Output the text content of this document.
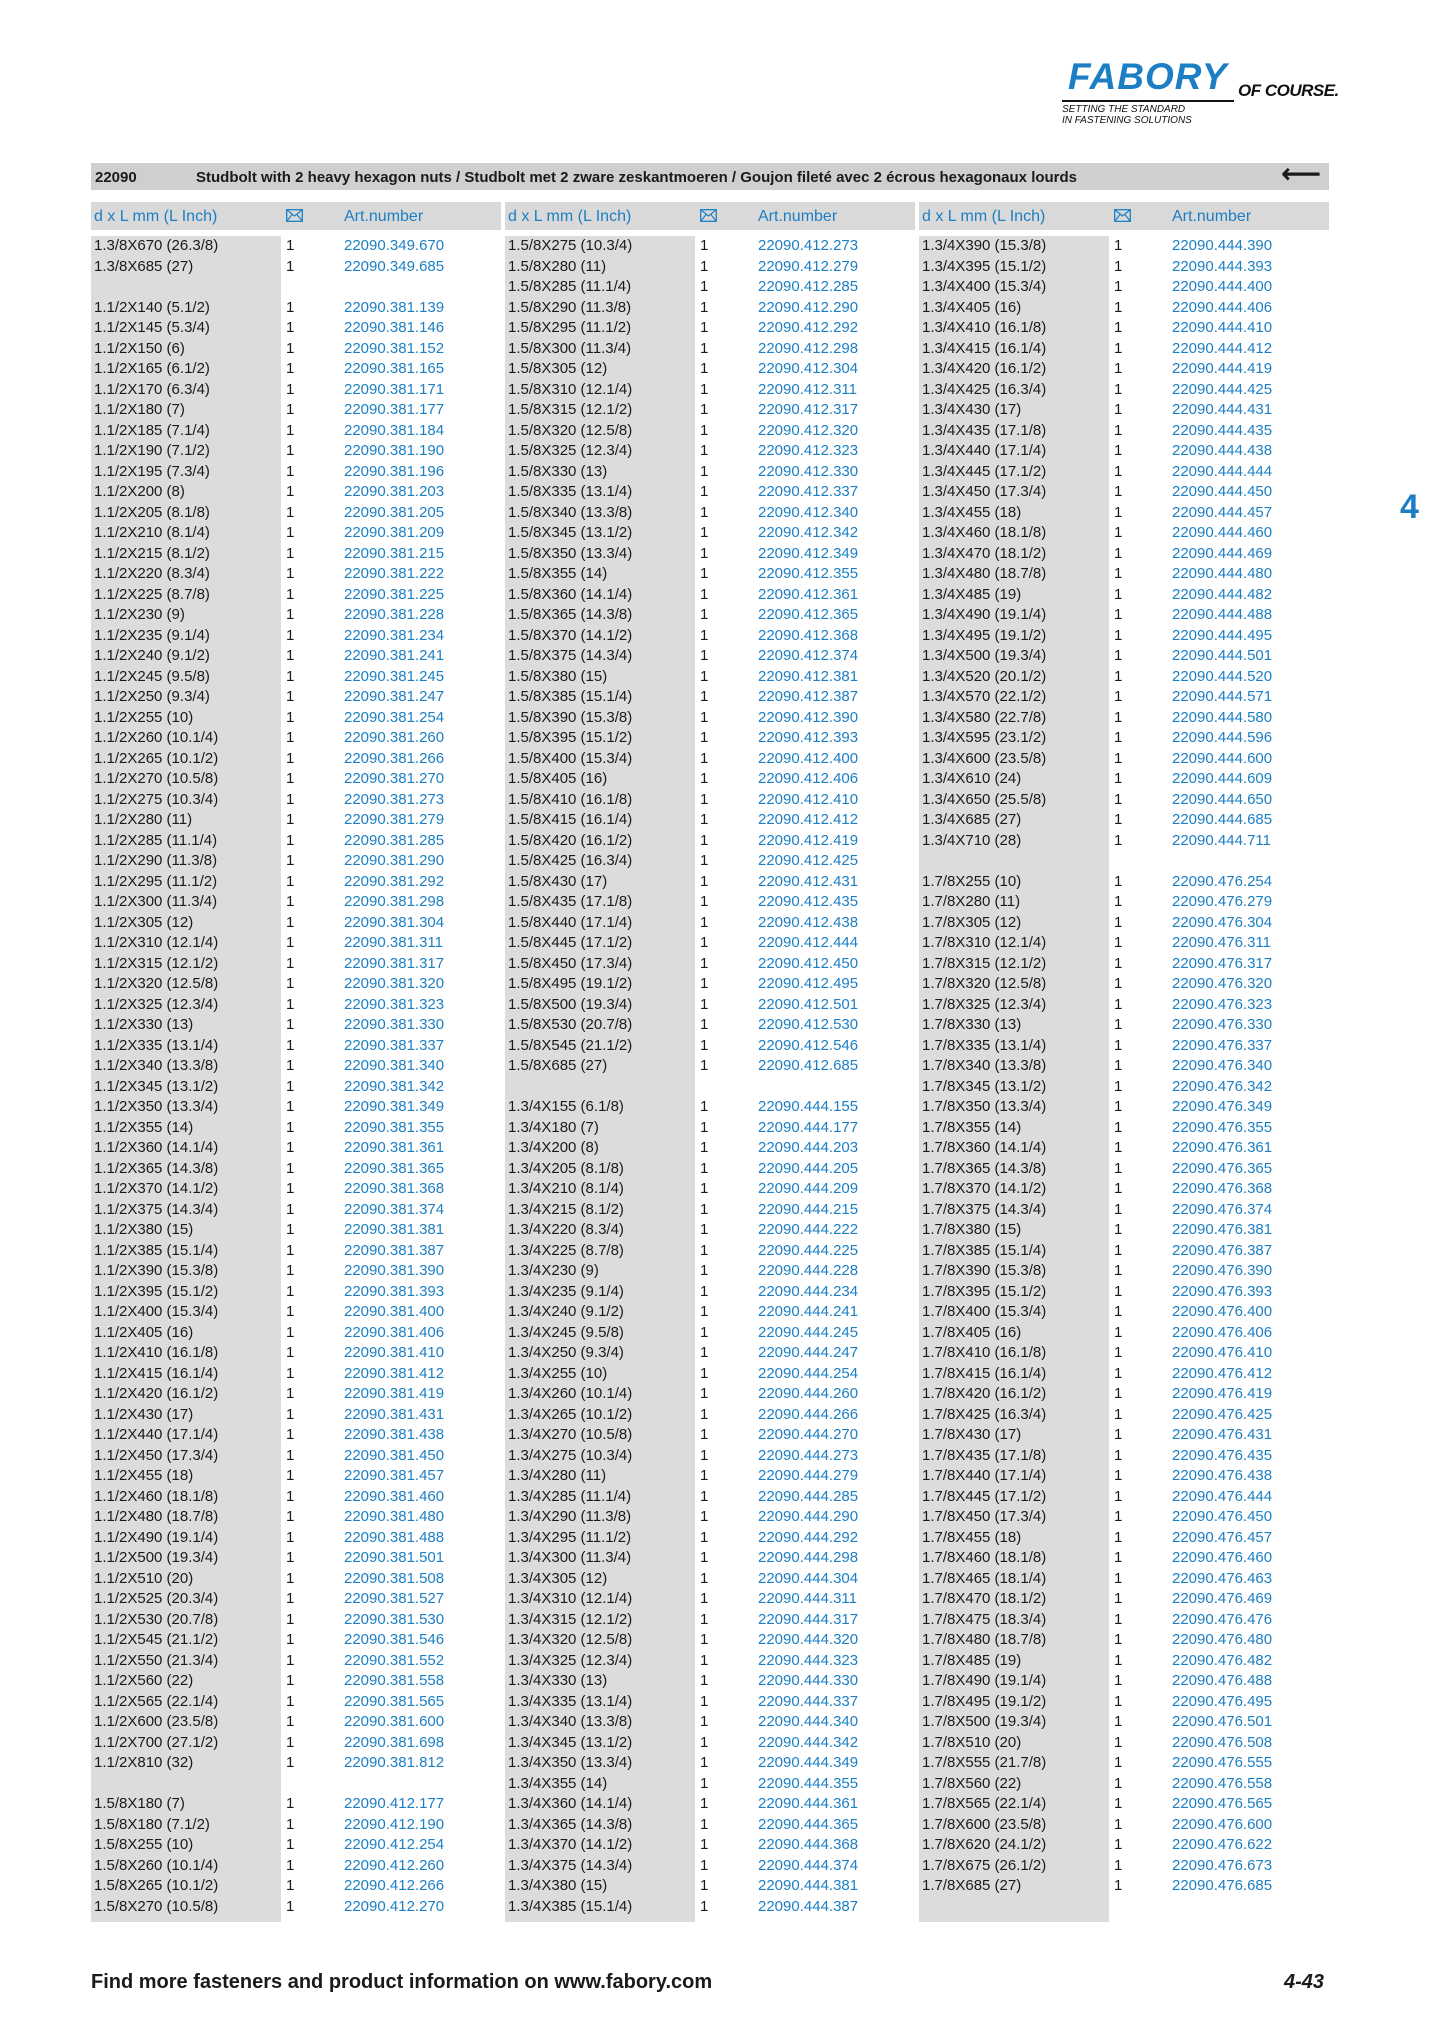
FABORY OF COURSE.
SETTING THE STANDARD
IN FASTENING SOLUTIONS
4
22090	Studbolt with 2 heavy hexagon nuts / Studbolt met 2 zware zeskantmoeren / Goujon fileté avec 2 écrous hexagonaux lourds	⟵
d x L mm (L Inch)	Art.number	d x L mm (L Inch)	Art.number	d x L mm (L Inch)	Art.number
1.3/8X670 (26.3/8)	1	22090.349.670
1.3/8X685 (27)	1	22090.349.685
1.1/2X140 (5.1/2)	1	22090.381.139
1.1/2X145 (5.3/4)	1	22090.381.146
1.1/2X150 (6)	1	22090.381.152
1.1/2X165 (6.1/2)	1	22090.381.165
1.1/2X170 (6.3/4)	1	22090.381.171
1.1/2X180 (7)	1	22090.381.177
1.1/2X185 (7.1/4)	1	22090.381.184
1.1/2X190 (7.1/2)	1	22090.381.190
1.1/2X195 (7.3/4)	1	22090.381.196
1.1/2X200 (8)	1	22090.381.203
1.1/2X205 (8.1/8)	1	22090.381.205
1.1/2X210 (8.1/4)	1	22090.381.209
1.1/2X215 (8.1/2)	1	22090.381.215
1.1/2X220 (8.3/4)	1	22090.381.222
1.1/2X225 (8.7/8)	1	22090.381.225
1.1/2X230 (9)	1	22090.381.228
1.1/2X235 (9.1/4)	1	22090.381.234
1.1/2X240 (9.1/2)	1	22090.381.241
1.1/2X245 (9.5/8)	1	22090.381.245
1.1/2X250 (9.3/4)	1	22090.381.247
1.1/2X255 (10)	1	22090.381.254
1.1/2X260 (10.1/4)	1	22090.381.260
1.1/2X265 (10.1/2)	1	22090.381.266
1.1/2X270 (10.5/8)	1	22090.381.270
1.1/2X275 (10.3/4)	1	22090.381.273
1.1/2X280 (11)	1	22090.381.279
1.1/2X285 (11.1/4)	1	22090.381.285
1.1/2X290 (11.3/8)	1	22090.381.290
1.1/2X295 (11.1/2)	1	22090.381.292
1.1/2X300 (11.3/4)	1	22090.381.298
1.1/2X305 (12)	1	22090.381.304
1.1/2X310 (12.1/4)	1	22090.381.311
1.1/2X315 (12.1/2)	1	22090.381.317
1.1/2X320 (12.5/8)	1	22090.381.320
1.1/2X325 (12.3/4)	1	22090.381.323
1.1/2X330 (13)	1	22090.381.330
1.1/2X335 (13.1/4)	1	22090.381.337
1.1/2X340 (13.3/8)	1	22090.381.340
1.1/2X345 (13.1/2)	1	22090.381.342
1.1/2X350 (13.3/4)	1	22090.381.349
1.1/2X355 (14)	1	22090.381.355
1.1/2X360 (14.1/4)	1	22090.381.361
1.1/2X365 (14.3/8)	1	22090.381.365
1.1/2X370 (14.1/2)	1	22090.381.368
1.1/2X375 (14.3/4)	1	22090.381.374
1.1/2X380 (15)	1	22090.381.381
1.1/2X385 (15.1/4)	1	22090.381.387
1.1/2X390 (15.3/8)	1	22090.381.390
1.1/2X395 (15.1/2)	1	22090.381.393
1.1/2X400 (15.3/4)	1	22090.381.400
1.1/2X405 (16)	1	22090.381.406
1.1/2X410 (16.1/8)	1	22090.381.410
1.1/2X415 (16.1/4)	1	22090.381.412
1.1/2X420 (16.1/2)	1	22090.381.419
1.1/2X430 (17)	1	22090.381.431
1.1/2X440 (17.1/4)	1	22090.381.438
1.1/2X450 (17.3/4)	1	22090.381.450
1.1/2X455 (18)	1	22090.381.457
1.1/2X460 (18.1/8)	1	22090.381.460
1.1/2X480 (18.7/8)	1	22090.381.480
1.1/2X490 (19.1/4)	1	22090.381.488
1.1/2X500 (19.3/4)	1	22090.381.501
1.1/2X510 (20)	1	22090.381.508
1.1/2X525 (20.3/4)	1	22090.381.527
1.1/2X530 (20.7/8)	1	22090.381.530
1.1/2X545 (21.1/2)	1	22090.381.546
1.1/2X550 (21.3/4)	1	22090.381.552
1.1/2X560 (22)	1	22090.381.558
1.1/2X565 (22.1/4)	1	22090.381.565
1.1/2X600 (23.5/8)	1	22090.381.600
1.1/2X700 (27.1/2)	1	22090.381.698
1.1/2X810 (32)	1	22090.381.812
1.5/8X180 (7)	1	22090.412.177
1.5/8X180 (7.1/2)	1	22090.412.190
1.5/8X255 (10)	1	22090.412.254
1.5/8X260 (10.1/4)	1	22090.412.260
1.5/8X265 (10.1/2)	1	22090.412.266
1.5/8X270 (10.5/8)	1	22090.412.270
1.5/8X275 (10.3/4)	1	22090.412.273
1.5/8X280 (11)	1	22090.412.279
1.5/8X285 (11.1/4)	1	22090.412.285
1.5/8X290 (11.3/8)	1	22090.412.290
1.5/8X295 (11.1/2)	1	22090.412.292
1.5/8X300 (11.3/4)	1	22090.412.298
1.5/8X305 (12)	1	22090.412.304
1.5/8X310 (12.1/4)	1	22090.412.311
1.5/8X315 (12.1/2)	1	22090.412.317
1.5/8X320 (12.5/8)	1	22090.412.320
1.5/8X325 (12.3/4)	1	22090.412.323
1.5/8X330 (13)	1	22090.412.330
1.5/8X335 (13.1/4)	1	22090.412.337
1.5/8X340 (13.3/8)	1	22090.412.340
1.5/8X345 (13.1/2)	1	22090.412.342
1.5/8X350 (13.3/4)	1	22090.412.349
1.5/8X355 (14)	1	22090.412.355
1.5/8X360 (14.1/4)	1	22090.412.361
1.5/8X365 (14.3/8)	1	22090.412.365
1.5/8X370 (14.1/2)	1	22090.412.368
1.5/8X375 (14.3/4)	1	22090.412.374
1.5/8X380 (15)	1	22090.412.381
1.5/8X385 (15.1/4)	1	22090.412.387
1.5/8X390 (15.3/8)	1	22090.412.390
1.5/8X395 (15.1/2)	1	22090.412.393
1.5/8X400 (15.3/4)	1	22090.412.400
1.5/8X405 (16)	1	22090.412.406
1.5/8X410 (16.1/8)	1	22090.412.410
1.5/8X415 (16.1/4)	1	22090.412.412
1.5/8X420 (16.1/2)	1	22090.412.419
1.5/8X425 (16.3/4)	1	22090.412.425
1.5/8X430 (17)	1	22090.412.431
1.5/8X435 (17.1/8)	1	22090.412.435
1.5/8X440 (17.1/4)	1	22090.412.438
1.5/8X445 (17.1/2)	1	22090.412.444
1.5/8X450 (17.3/4)	1	22090.412.450
1.5/8X495 (19.1/2)	1	22090.412.495
1.5/8X500 (19.3/4)	1	22090.412.501
1.5/8X530 (20.7/8)	1	22090.412.530
1.5/8X545 (21.1/2)	1	22090.412.546
1.5/8X685 (27)	1	22090.412.685
1.3/4X155 (6.1/8)	1	22090.444.155
1.3/4X180 (7)	1	22090.444.177
1.3/4X200 (8)	1	22090.444.203
1.3/4X205 (8.1/8)	1	22090.444.205
1.3/4X210 (8.1/4)	1	22090.444.209
1.3/4X215 (8.1/2)	1	22090.444.215
1.3/4X220 (8.3/4)	1	22090.444.222
1.3/4X225 (8.7/8)	1	22090.444.225
1.3/4X230 (9)	1	22090.444.228
1.3/4X235 (9.1/4)	1	22090.444.234
1.3/4X240 (9.1/2)	1	22090.444.241
1.3/4X245 (9.5/8)	1	22090.444.245
1.3/4X250 (9.3/4)	1	22090.444.247
1.3/4X255 (10)	1	22090.444.254
1.3/4X260 (10.1/4)	1	22090.444.260
1.3/4X265 (10.1/2)	1	22090.444.266
1.3/4X270 (10.5/8)	1	22090.444.270
1.3/4X275 (10.3/4)	1	22090.444.273
1.3/4X280 (11)	1	22090.444.279
1.3/4X285 (11.1/4)	1	22090.444.285
1.3/4X290 (11.3/8)	1	22090.444.290
1.3/4X295 (11.1/2)	1	22090.444.292
1.3/4X300 (11.3/4)	1	22090.444.298
1.3/4X305 (12)	1	22090.444.304
1.3/4X310 (12.1/4)	1	22090.444.311
1.3/4X315 (12.1/2)	1	22090.444.317
1.3/4X320 (12.5/8)	1	22090.444.320
1.3/4X325 (12.3/4)	1	22090.444.323
1.3/4X330 (13)	1	22090.444.330
1.3/4X335 (13.1/4)	1	22090.444.337
1.3/4X340 (13.3/8)	1	22090.444.340
1.3/4X345 (13.1/2)	1	22090.444.342
1.3/4X350 (13.3/4)	1	22090.444.349
1.3/4X355 (14)	1	22090.444.355
1.3/4X360 (14.1/4)	1	22090.444.361
1.3/4X365 (14.3/8)	1	22090.444.365
1.3/4X370 (14.1/2)	1	22090.444.368
1.3/4X375 (14.3/4)	1	22090.444.374
1.3/4X380 (15)	1	22090.444.381
1.3/4X385 (15.1/4)	1	22090.444.387
1.3/4X390 (15.3/8)	1	22090.444.390
1.3/4X395 (15.1/2)	1	22090.444.393
1.3/4X400 (15.3/4)	1	22090.444.400
1.3/4X405 (16)	1	22090.444.406
1.3/4X410 (16.1/8)	1	22090.444.410
1.3/4X415 (16.1/4)	1	22090.444.412
1.3/4X420 (16.1/2)	1	22090.444.419
1.3/4X425 (16.3/4)	1	22090.444.425
1.3/4X430 (17)	1	22090.444.431
1.3/4X435 (17.1/8)	1	22090.444.435
1.3/4X440 (17.1/4)	1	22090.444.438
1.3/4X445 (17.1/2)	1	22090.444.444
1.3/4X450 (17.3/4)	1	22090.444.450
1.3/4X455 (18)	1	22090.444.457
1.3/4X460 (18.1/8)	1	22090.444.460
1.3/4X470 (18.1/2)	1	22090.444.469
1.3/4X480 (18.7/8)	1	22090.444.480
1.3/4X485 (19)	1	22090.444.482
1.3/4X490 (19.1/4)	1	22090.444.488
1.3/4X495 (19.1/2)	1	22090.444.495
1.3/4X500 (19.3/4)	1	22090.444.501
1.3/4X520 (20.1/2)	1	22090.444.520
1.3/4X570 (22.1/2)	1	22090.444.571
1.3/4X580 (22.7/8)	1	22090.444.580
1.3/4X595 (23.1/2)	1	22090.444.596
1.3/4X600 (23.5/8)	1	22090.444.600
1.3/4X610 (24)	1	22090.444.609
1.3/4X650 (25.5/8)	1	22090.444.650
1.3/4X685 (27)	1	22090.444.685
1.3/4X710 (28)	1	22090.444.711
1.7/8X255 (10)	1	22090.476.254
1.7/8X280 (11)	1	22090.476.279
1.7/8X305 (12)	1	22090.476.304
1.7/8X310 (12.1/4)	1	22090.476.311
1.7/8X315 (12.1/2)	1	22090.476.317
1.7/8X320 (12.5/8)	1	22090.476.320
1.7/8X325 (12.3/4)	1	22090.476.323
1.7/8X330 (13)	1	22090.476.330
1.7/8X335 (13.1/4)	1	22090.476.337
1.7/8X340 (13.3/8)	1	22090.476.340
1.7/8X345 (13.1/2)	1	22090.476.342
1.7/8X350 (13.3/4)	1	22090.476.349
1.7/8X355 (14)	1	22090.476.355
1.7/8X360 (14.1/4)	1	22090.476.361
1.7/8X365 (14.3/8)	1	22090.476.365
1.7/8X370 (14.1/2)	1	22090.476.368
1.7/8X375 (14.3/4)	1	22090.476.374
1.7/8X380 (15)	1	22090.476.381
1.7/8X385 (15.1/4)	1	22090.476.387
1.7/8X390 (15.3/8)	1	22090.476.390
1.7/8X395 (15.1/2)	1	22090.476.393
1.7/8X400 (15.3/4)	1	22090.476.400
1.7/8X405 (16)	1	22090.476.406
1.7/8X410 (16.1/8)	1	22090.476.410
1.7/8X415 (16.1/4)	1	22090.476.412
1.7/8X420 (16.1/2)	1	22090.476.419
1.7/8X425 (16.3/4)	1	22090.476.425
1.7/8X430 (17)	1	22090.476.431
1.7/8X435 (17.1/8)	1	22090.476.435
1.7/8X440 (17.1/4)	1	22090.476.438
1.7/8X445 (17.1/2)	1	22090.476.444
1.7/8X450 (17.3/4)	1	22090.476.450
1.7/8X455 (18)	1	22090.476.457
1.7/8X460 (18.1/8)	1	22090.476.460
1.7/8X465 (18.1/4)	1	22090.476.463
1.7/8X470 (18.1/2)	1	22090.476.469
1.7/8X475 (18.3/4)	1	22090.476.476
1.7/8X480 (18.7/8)	1	22090.476.480
1.7/8X485 (19)	1	22090.476.482
1.7/8X490 (19.1/4)	1	22090.476.488
1.7/8X495 (19.1/2)	1	22090.476.495
1.7/8X500 (19.3/4)	1	22090.476.501
1.7/8X510 (20)	1	22090.476.508
1.7/8X555 (21.7/8)	1	22090.476.555
1.7/8X560 (22)	1	22090.476.558
1.7/8X565 (22.1/4)	1	22090.476.565
1.7/8X600 (23.5/8)	1	22090.476.600
1.7/8X620 (24.1/2)	1	22090.476.622
1.7/8X675 (26.1/2)	1	22090.476.673
1.7/8X685 (27)	1	22090.476.685
Find more fasteners and product information on www.fabory.com	4-43
